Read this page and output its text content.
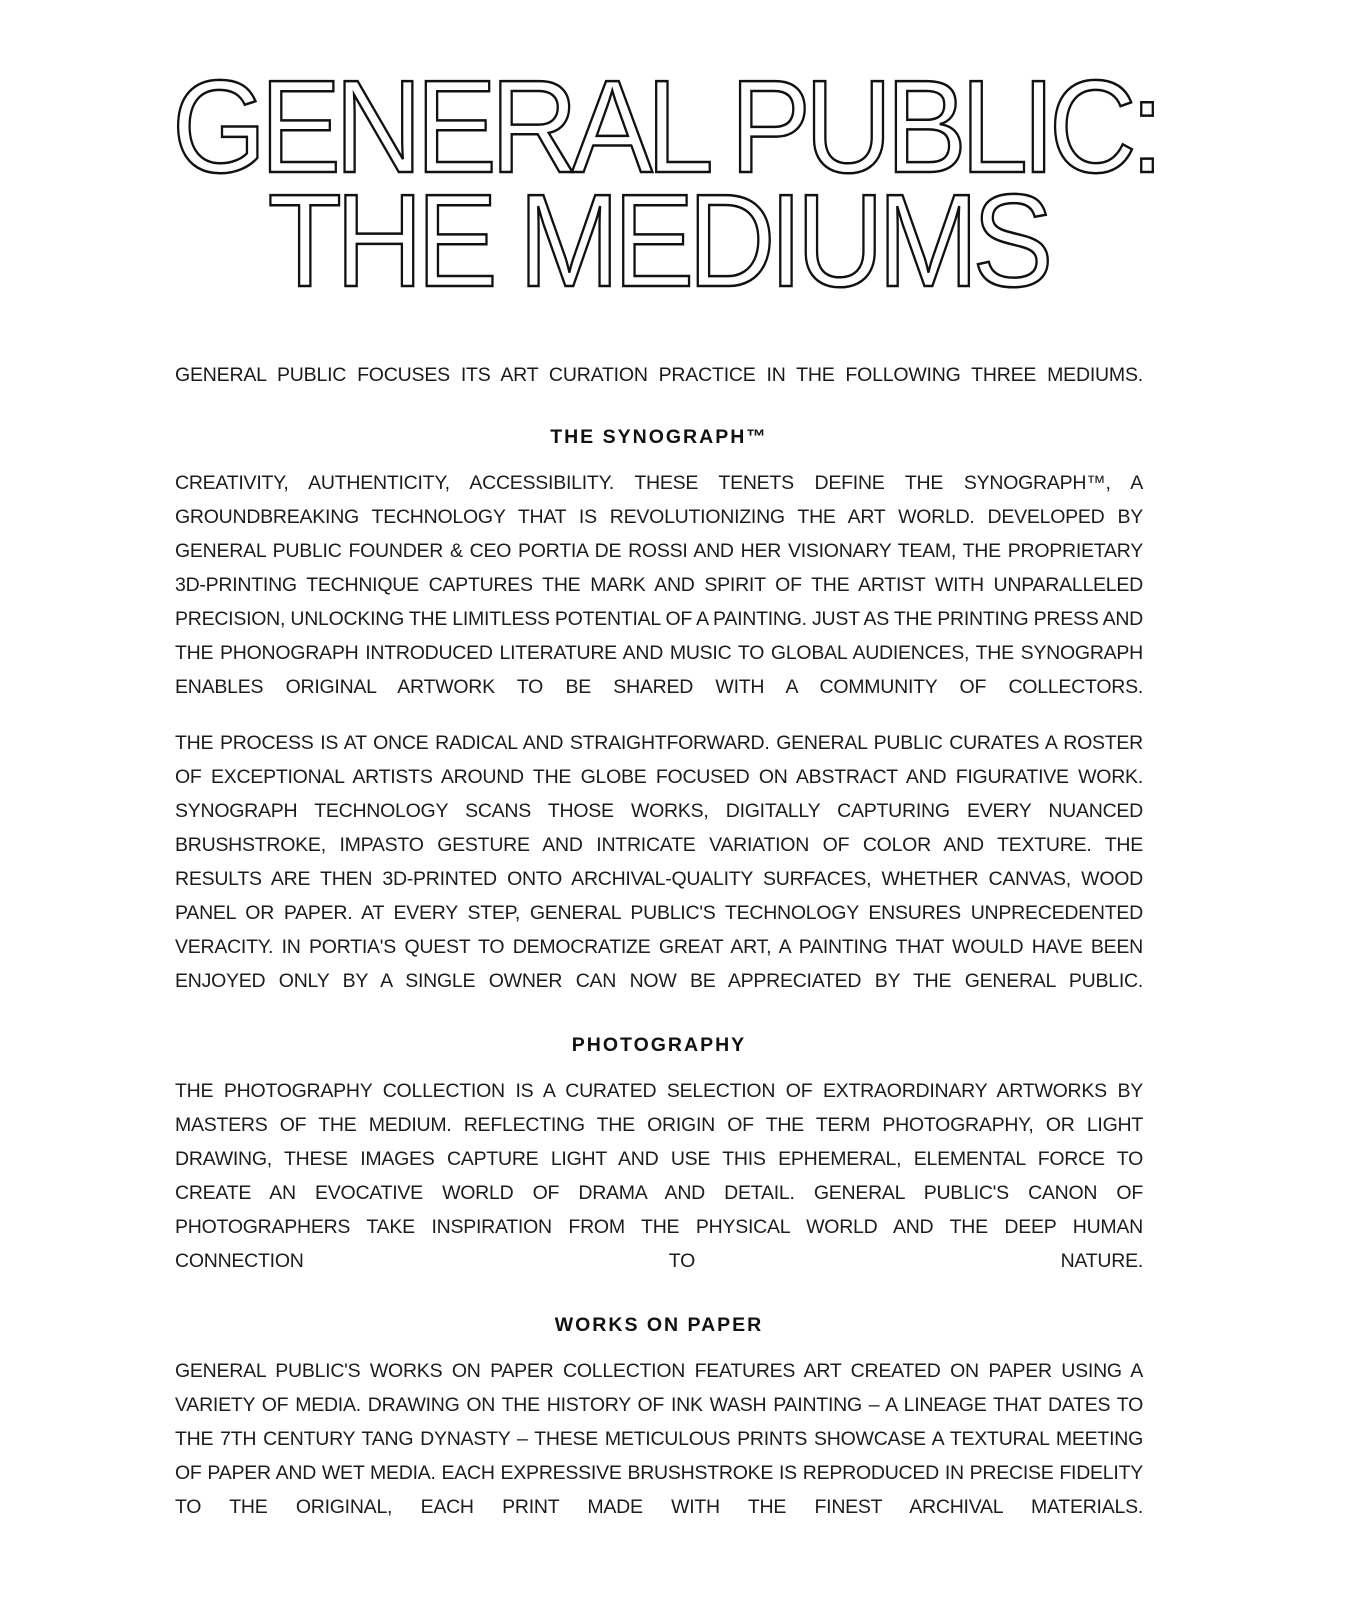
GENERAL PUBLIC:
THE MEDIUMS

GENERAL PUBLIC FOCUSES ITS ART CURATION PRACTICE IN THE FOLLOWING THREE MEDIUMS.

THE SYNOGRAPH™

CREATIVITY, AUTHENTICITY, ACCESSIBILITY. THESE TENETS DEFINE THE SYNOGRAPH™, A GROUNDBREAKING TECHNOLOGY THAT IS REVOLUTIONIZING THE ART WORLD. DEVELOPED BY GENERAL PUBLIC FOUNDER & CEO PORTIA DE ROSSI AND HER VISIONARY TEAM, THE PROPRIETARY 3D-PRINTING TECHNIQUE CAPTURES THE MARK AND SPIRIT OF THE ARTIST WITH UNPARALLELED PRECISION, UNLOCKING THE LIMITLESS POTENTIAL OF A PAINTING. JUST AS THE PRINTING PRESS AND THE PHONOGRAPH INTRODUCED LITERATURE AND MUSIC TO GLOBAL AUDIENCES, THE SYNOGRAPH ENABLES ORIGINAL ARTWORK TO BE SHARED WITH A COMMUNITY OF COLLECTORS.

THE PROCESS IS AT ONCE RADICAL AND STRAIGHTFORWARD. GENERAL PUBLIC CURATES A ROSTER OF EXCEPTIONAL ARTISTS AROUND THE GLOBE FOCUSED ON ABSTRACT AND FIGURATIVE WORK. SYNOGRAPH TECHNOLOGY SCANS THOSE WORKS, DIGITALLY CAPTURING EVERY NUANCED BRUSHSTROKE, IMPASTO GESTURE AND INTRICATE VARIATION OF COLOR AND TEXTURE. THE RESULTS ARE THEN 3D-PRINTED ONTO ARCHIVAL-QUALITY SURFACES, WHETHER CANVAS, WOOD PANEL OR PAPER. AT EVERY STEP, GENERAL PUBLIC'S TECHNOLOGY ENSURES UNPRECEDENTED VERACITY. IN PORTIA'S QUEST TO DEMOCRATIZE GREAT ART, A PAINTING THAT WOULD HAVE BEEN ENJOYED ONLY BY A SINGLE OWNER CAN NOW BE APPRECIATED BY THE GENERAL PUBLIC.

PHOTOGRAPHY

THE PHOTOGRAPHY COLLECTION IS A CURATED SELECTION OF EXTRAORDINARY ARTWORKS BY MASTERS OF THE MEDIUM. REFLECTING THE ORIGIN OF THE TERM PHOTOGRAPHY, OR LIGHT DRAWING, THESE IMAGES CAPTURE LIGHT AND USE THIS EPHEMERAL, ELEMENTAL FORCE TO CREATE AN EVOCATIVE WORLD OF DRAMA AND DETAIL. GENERAL PUBLIC'S CANON OF PHOTOGRAPHERS TAKE INSPIRATION FROM THE PHYSICAL WORLD AND THE DEEP HUMAN CONNECTION TO NATURE.

WORKS ON PAPER

GENERAL PUBLIC'S WORKS ON PAPER COLLECTION FEATURES ART CREATED ON PAPER USING A VARIETY OF MEDIA. DRAWING ON THE HISTORY OF INK WASH PAINTING – A LINEAGE THAT DATES TO THE 7TH CENTURY TANG DYNASTY – THESE METICULOUS PRINTS SHOWCASE A TEXTURAL MEETING OF PAPER AND WET MEDIA. EACH EXPRESSIVE BRUSHSTROKE IS REPRODUCED IN PRECISE FIDELITY TO THE ORIGINAL, EACH PRINT MADE WITH THE FINEST ARCHIVAL MATERIALS.
